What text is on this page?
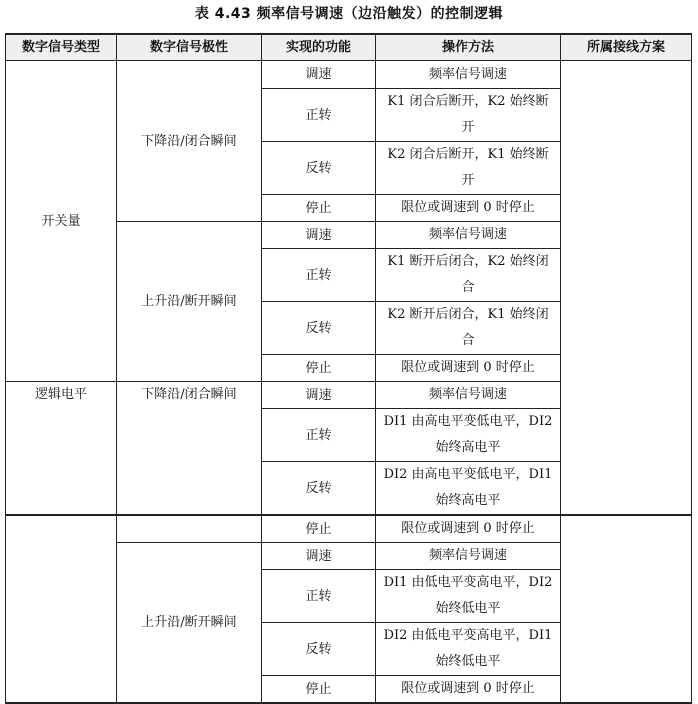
表 4.43 频率信号调速（边沿触发）的控制逻辑
数字信号类型	数字信号极性	实现的功能	操作方法	所属接线方案
开关量	下降沿/闭合瞬间	调速	频率信号调速	
		正转	K1 闭合后断开，K2 始终断开	
		反转	K2 闭合后断开，K1 始终断开	
		停止	限位或调速到 0 时停止	
	上升沿/断开瞬间	调速	频率信号调速	
		正转	K1 断开后闭合，K2 始终闭合	
		反转	K2 断开后闭合，K1 始终闭合	
		停止	限位或调速到 0 时停止	
逻辑电平	下降沿/闭合瞬间	调速	频率信号调速	
		正转	DI1 由高电平变低电平，DI2 始终高电平	
		反转	DI2 由高电平变低电平，DI1 始终高电平	
		停止	限位或调速到 0 时停止	
	上升沿/断开瞬间	调速	频率信号调速	
		正转	DI1 由低电平变高电平，DI2 始终低电平	
		反转	DI2 由低电平变高电平，DI1 始终低电平	
		停止	限位或调速到 0 时停止	
